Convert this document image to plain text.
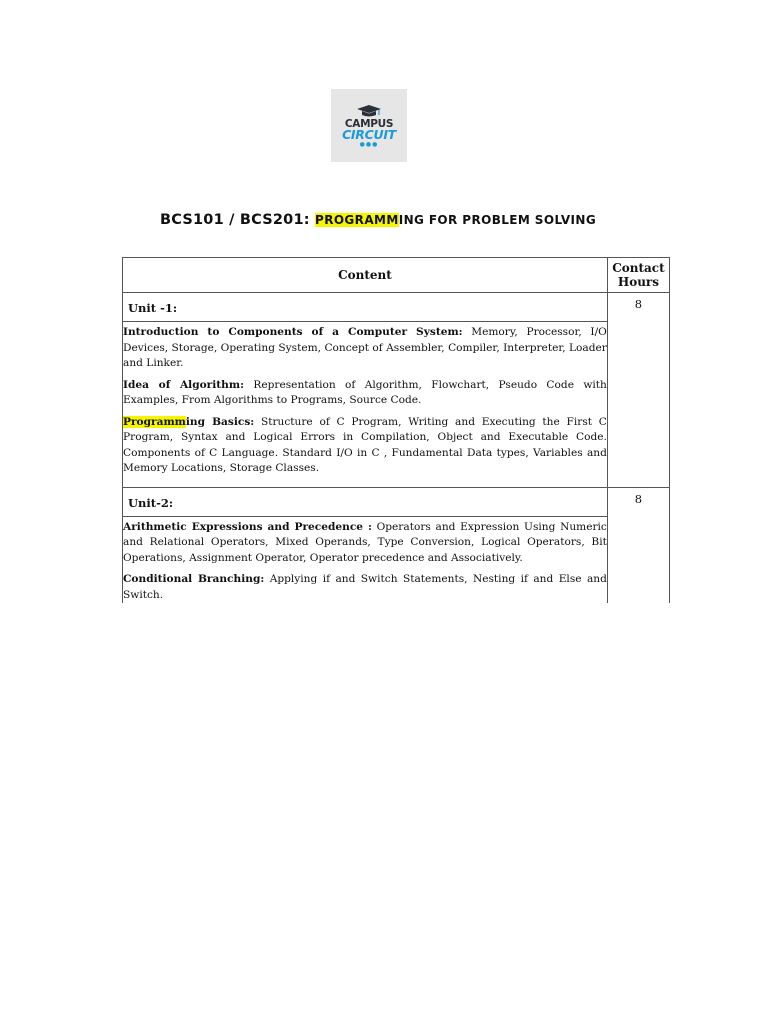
CAMPUS
CIRCUIT
●●●
BCS101 / BCS201: PROGRAMMING FOR PROBLEM SOLVING
Content	Contact
Hours
Unit -1:	8

Introduction to Components of a Computer System: Memory, Processor, I/O Devices, Storage, Operating System, Concept of Assembler, Compiler, Interpreter, Loader and Linker.

Idea of Algorithm: Representation of Algorithm, Flowchart, Pseudo Code with Examples, From Algorithms to Programs, Source Code.

Programming Basics: Structure of C Program, Writing and Executing the First C Program, Syntax and Logical Errors in Compilation, Object and Executable Code. Components of C Language. Standard I/O in C , Fundamental Data types, Variables and Memory Locations, Storage Classes.	

Unit-2:	8

Arithmetic Expressions and Precedence : Operators and Expression Using Numeric and Relational Operators, Mixed Operands, Type Conversion, Logical Operators, Bit Operations, Assignment Operator, Operator precedence and Associatively.

Conditional Branching: Applying if and Switch Statements, Nesting if and Else and Switch.	
